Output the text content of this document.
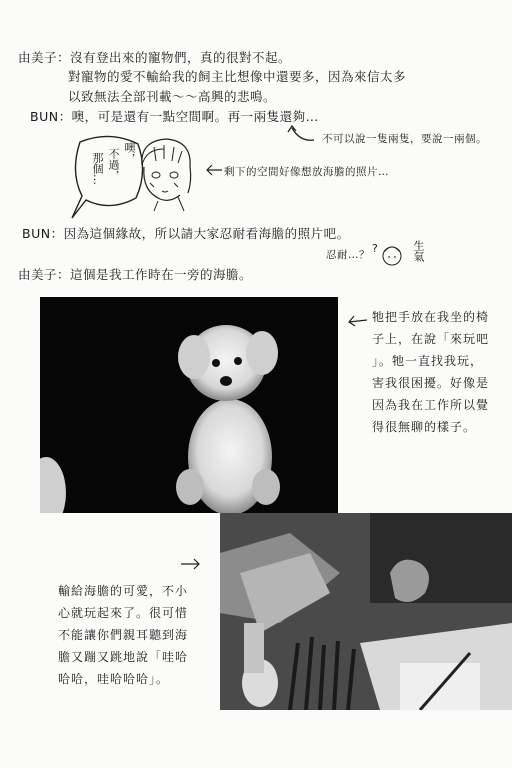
由美子：沒有登出來的寵物們，真的很對不起。
對寵物的愛不輸給我的飼主比想像中還要多，因為來信太多
以致無法全部刊載～～高興的悲鳴。
BUN：噢，可是還有一點空間啊。再一兩隻還夠…
不可以說一隻兩隻，要說一兩個。
噢，
不過，
那個…	剩下的空間好像想放海膽的照片…
BUN：因為這個緣故，所以請大家忍耐看海膽的照片吧。
忍耐…？ ?	生氣
由美子：這個是我工作時在一旁的海膽。
牠把手放在我坐的椅
子上，在說「來玩吧
」。牠一直找我玩，
害我很困擾。好像是
因為我在工作所以覺
得很無聊的樣子。
輸給海膽的可愛，不小
心就玩起來了。很可惜
不能讓你們親耳聽到海
膽又蹦又跳地說「哇哈
哈哈，哇哈哈哈」。
